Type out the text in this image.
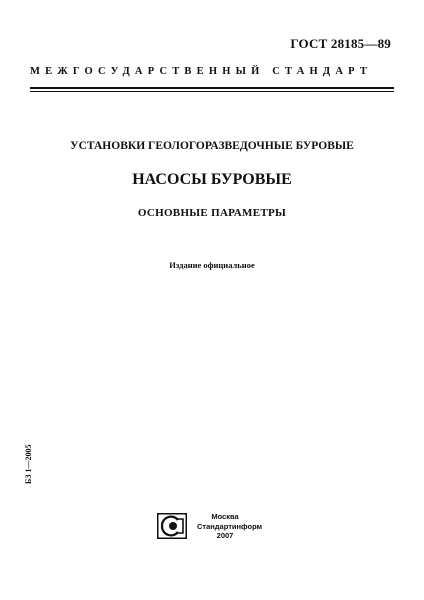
ГОСТ 28185—89
МЕЖГОСУДАРСТВЕННЫЙ СТАНДАРТ
УСТАНОВКИ ГЕОЛОГОРАЗВЕДОЧНЫЕ БУРОВЫЕ
НАСОСЫ БУРОВЫЕ
ОСНОВНЫЕ ПАРАМЕТРЫ
Издание официальное
БЗ 1—2005
Москва
Стандартинформ
2007
